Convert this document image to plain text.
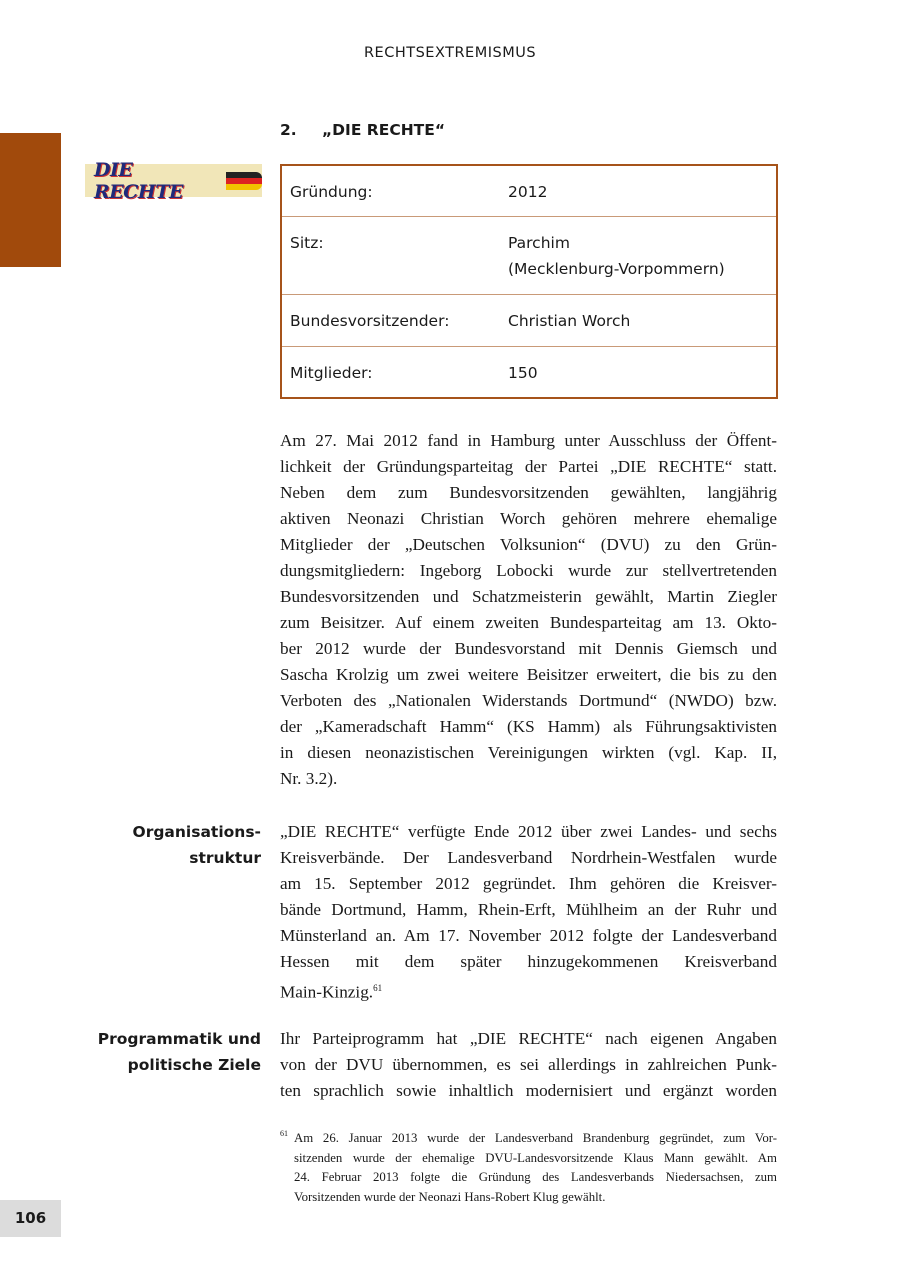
RECHTSEXTREMISMUS
106
2. „DIE RECHTE“
DIE RECHTE	Gründung:	2012
Sitz:	Parchim
(Mecklenburg-Vorpommern)
Bundesvorsitzender:	Christian Worch
Mitglieder:	150
Am 27. Mai 2012 fand in Hamburg unter Ausschluss der Öffent-
lichkeit der Gründungsparteitag der Partei „DIE RECHTE“ statt.
Neben dem zum Bundesvorsitzenden gewählten, langjährig
aktiven Neonazi Christian Worch gehören mehrere ehemalige
Mitglieder der „Deutschen Volksunion“ (DVU) zu den Grün-
dungsmitgliedern: Ingeborg Lobocki wurde zur stellvertretenden
Bundesvorsitzenden und Schatzmeisterin gewählt, Martin Ziegler
zum Beisitzer. Auf einem zweiten Bundesparteitag am 13. Okto-
ber 2012 wurde der Bundesvorstand mit Dennis Giemsch und
Sascha Krolzig um zwei weitere Beisitzer erweitert, die bis zu den
Verboten des „Nationalen Widerstands Dortmund“ (NWDO) bzw.
der „Kameradschaft Hamm“ (KS Hamm) als Führungsaktivisten
in diesen neonazistischen Vereinigungen wirkten (vgl. Kap. II,
Nr. 3.2).
„DIE RECHTE“ verfügte Ende 2012 über zwei Landes- und sechs
Kreisverbände. Der Landesverband Nordrhein-Westfalen wurde
am 15. September 2012 gegründet. Ihm gehören die Kreisver-
bände Dortmund, Hamm, Rhein-Erft, Mühlheim an der Ruhr und
Münsterland an. Am 17. November 2012 folgte der Landesverband
Hessen mit dem später hinzugekommenen Kreisverband
Main-Kinzig.$^{61}$
Ihr Parteiprogramm hat „DIE RECHTE“ nach eigenen Angaben
von der DVU übernommen, es sei allerdings in zahlreichen Punk-
ten sprachlich sowie inhaltlich modernisiert und ergänzt worden
61 Am 26. Januar 2013 wurde der Landesverband Brandenburg gegründet, zum Vor-
sitzenden wurde der ehemalige DVU-Landesvorsitzende Klaus Mann gewählt. Am
24. Februar 2013 folgte die Gründung des Landesverbands Niedersachsen, zum
Vorsitzenden wurde der Neonazi Hans-Robert Klug gewählt.
Organisations-
struktur
Programmatik und
politische Ziele
